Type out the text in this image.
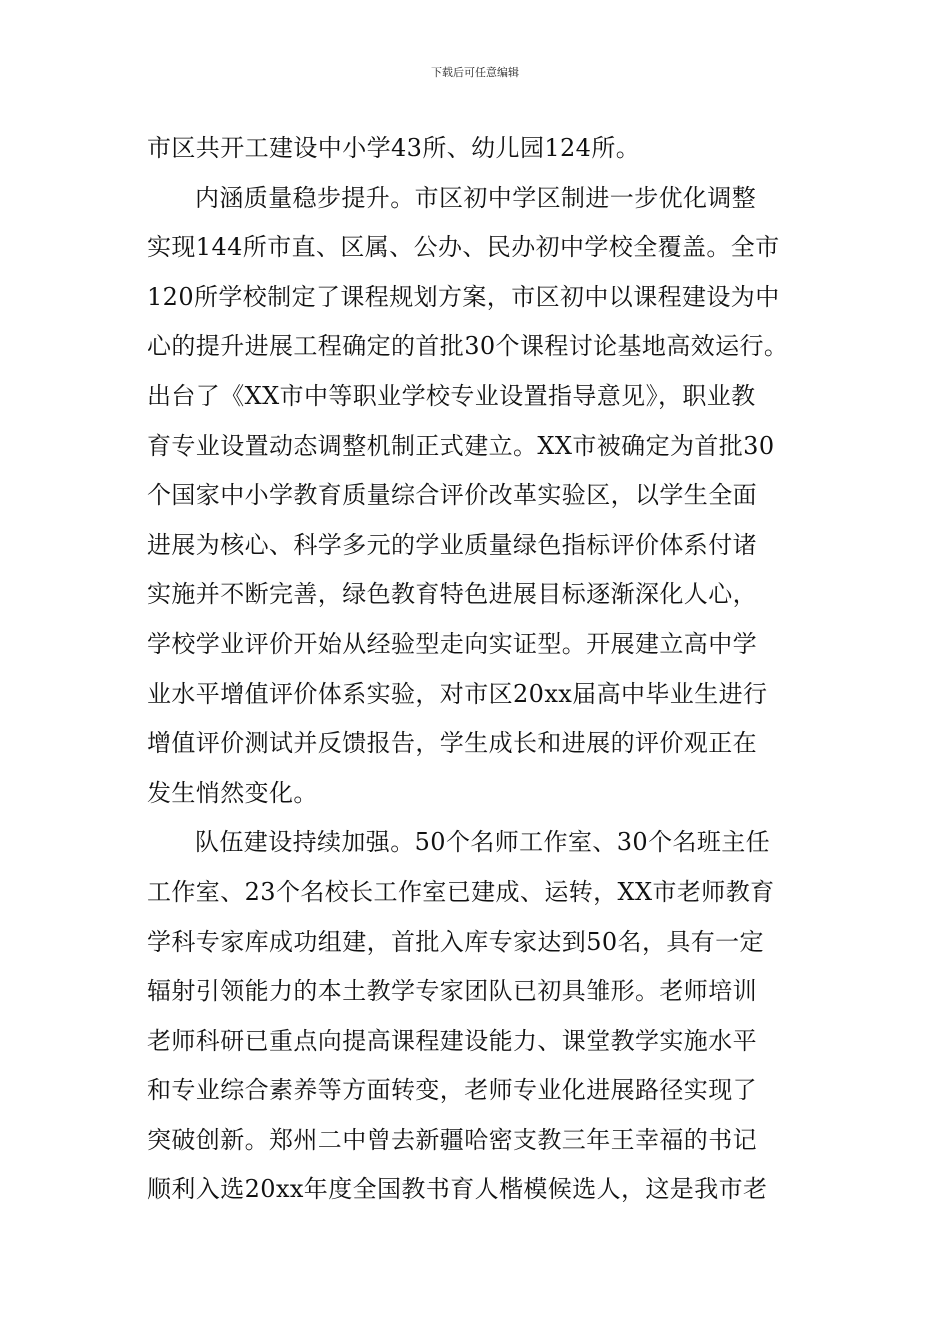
下载后可任意编辑
市区共开工建设中小学43所、幼儿园124所。
内涵质量稳步提升。市区初中学区制进一步优化调整
实现144所市直、区属、公办、民办初中学校全覆盖。全市
120所学校制定了课程规划方案，市区初中以课程建设为中
心的提升进展工程确定的首批30个课程讨论基地高效运行。
出台了《XX市中等职业学校专业设置指导意见》，职业教
育专业设置动态调整机制正式建立。XX市被确定为首批30
个国家中小学教育质量综合评价改革实验区，以学生全面
进展为核心、科学多元的学业质量绿色指标评价体系付诸
实施并不断完善，绿色教育特色进展目标逐渐深化人心，
学校学业评价开始从经验型走向实证型。开展建立高中学
业水平增值评价体系实验，对市区20xx届高中毕业生进行
增值评价测试并反馈报告，学生成长和进展的评价观正在
发生悄然变化。
队伍建设持续加强。50个名师工作室、30个名班主任
工作室、23个名校长工作室已建成、运转，XX市老师教育
学科专家库成功组建，首批入库专家达到50名，具有一定
辐射引领能力的本土教学专家团队已初具雏形。老师培训
老师科研已重点向提高课程建设能力、课堂教学实施水平
和专业综合素养等方面转变，老师专业化进展路径实现了
突破创新。郑州二中曾去新疆哈密支教三年王幸福的书记
顺利入选20xx年度全国教书育人楷模候选人，这是我市老
